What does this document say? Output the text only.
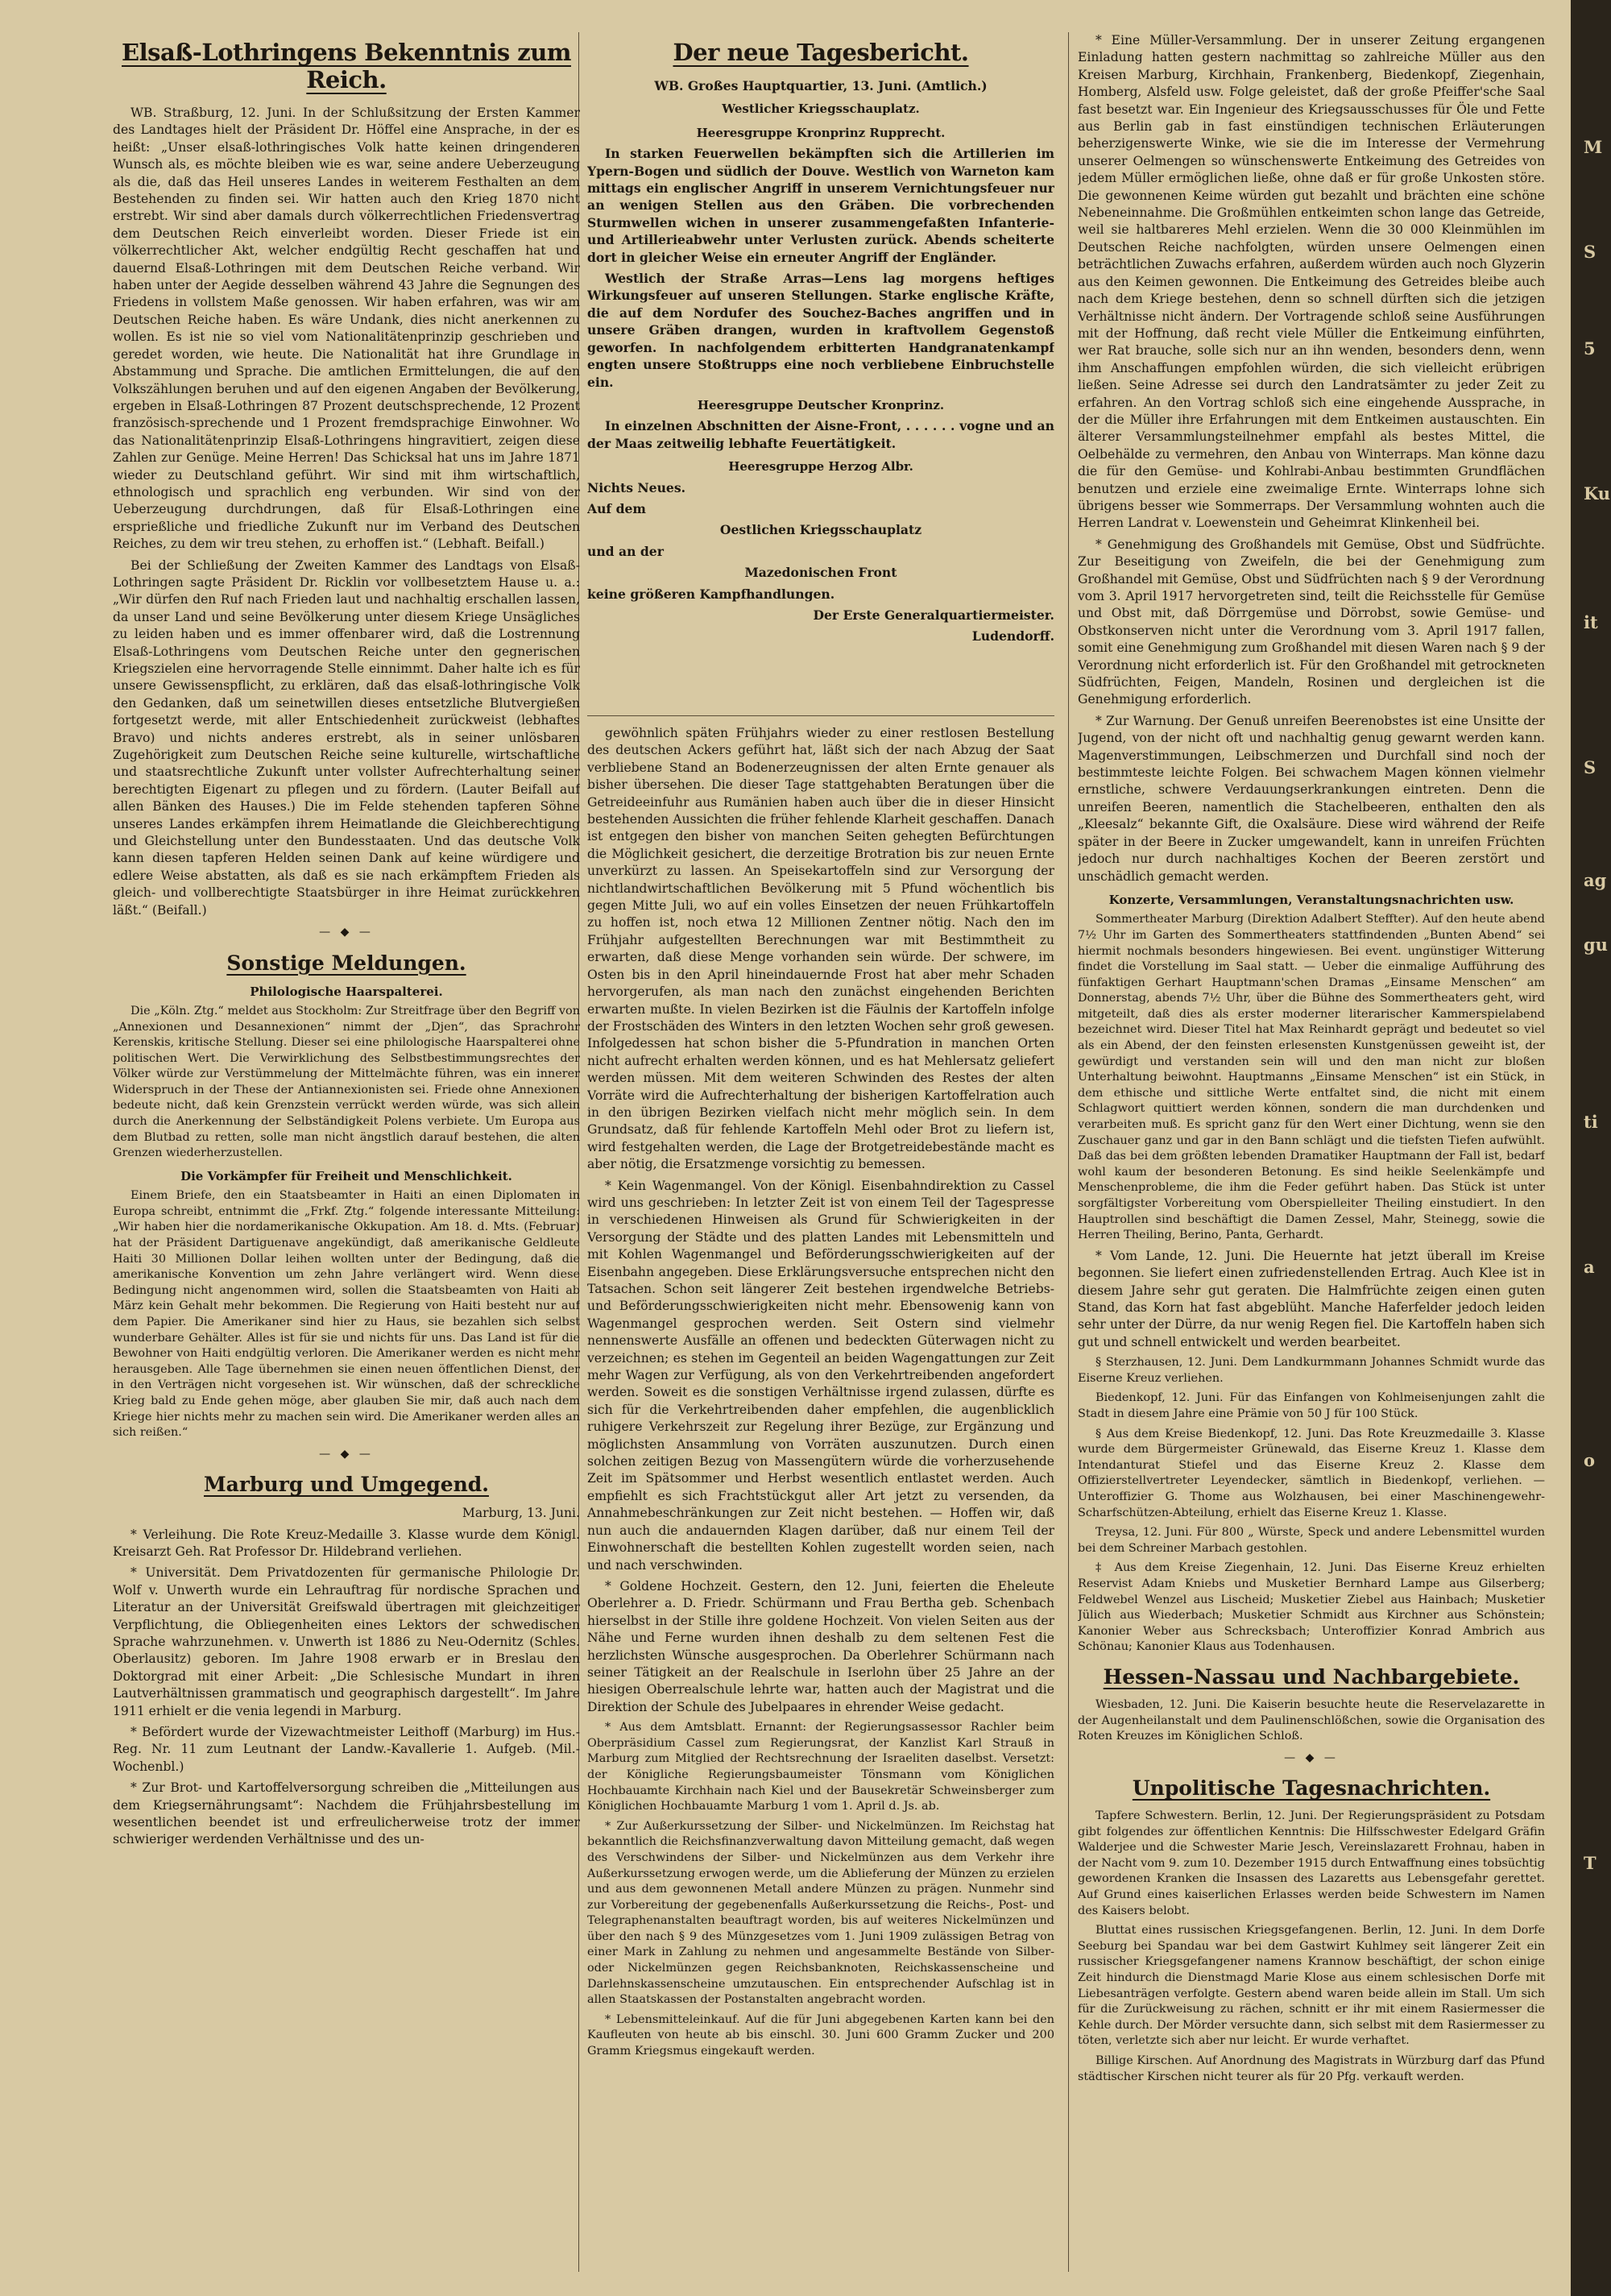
M
S
5
Ku
it
S
ag
gu
ti
a
o
T
Elsaß-Lothringens Bekenntnis zum Reich.

WB. Straßburg, 12. Juni. In der Schlußsitzung der Ersten Kammer des Landtages hielt der Präsident Dr. Höffel eine Ansprache, in der es heißt: „Unser elsaß-lothringisches Volk hatte keinen dringenderen Wunsch als, es möchte bleiben wie es war, seine andere Ueberzeugung als die, daß das Heil unseres Landes in weiterem Festhalten an dem Bestehenden zu finden sei. Wir hatten auch den Krieg 1870 nicht erstrebt. Wir sind aber damals durch völkerrechtlichen Friedensvertrag dem Deutschen Reich einverleibt worden. Dieser Friede ist ein völkerrechtlicher Akt, welcher endgültig Recht geschaffen hat und dauernd Elsaß-Lothringen mit dem Deutschen Reiche verband. Wir haben unter der Aegide desselben während 43 Jahre die Segnungen des Friedens in vollstem Maße genossen. Wir haben erfahren, was wir am Deutschen Reiche haben. Es wäre Undank, dies nicht anerkennen zu wollen. Es ist nie so viel vom Nationalitätenprinzip geschrieben und geredet worden, wie heute. Die Nationalität hat ihre Grundlage in Abstammung und Sprache. Die amtlichen Ermittelungen, die auf den Volkszählungen beruhen und auf den eigenen Angaben der Bevölkerung, ergeben in Elsaß-Lothringen 87 Prozent deutschsprechende, 12 Prozent französisch-sprechende und 1 Prozent fremdsprachige Einwohner. Wo das Nationalitätenprinzip Elsaß-Lothringens hingravitiert, zeigen diese Zahlen zur Genüge. Meine Herren! Das Schicksal hat uns im Jahre 1871 wieder zu Deutschland geführt. Wir sind mit ihm wirtschaftlich, ethnologisch und sprachlich eng verbunden. Wir sind von der Ueberzeugung durchdrungen, daß für Elsaß-Lothringen eine ersprießliche und friedliche Zukunft nur im Verband des Deutschen Reiches, zu dem wir treu stehen, zu erhoffen ist.“ (Lebhaft. Beifall.)

Bei der Schließung der Zweiten Kammer des Landtags von Elsaß-Lothringen sagte Präsident Dr. Ricklin vor vollbesetztem Hause u. a.: „Wir dürfen den Ruf nach Frieden laut und nachhaltig erschallen lassen, da unser Land und seine Bevölkerung unter diesem Kriege Unsägliches zu leiden haben und es immer offenbarer wird, daß die Lostrennung Elsaß-Lothringens vom Deutschen Reiche unter den gegnerischen Kriegszielen eine hervorragende Stelle einnimmt. Daher halte ich es für unsere Gewissenspflicht, zu erklären, daß das elsaß-lothringische Volk den Gedanken, daß um seinetwillen dieses entsetzliche Blutvergießen fortgesetzt werde, mit aller Entschiedenheit zurückweist (lebhaftes Bravo) und nichts anderes erstrebt, als in seiner unlösbaren Zugehörigkeit zum Deutschen Reiche seine kulturelle, wirtschaftliche und staatsrechtliche Zukunft unter vollster Aufrechterhaltung seiner berechtigten Eigenart zu pflegen und zu fördern. (Lauter Beifall auf allen Bänken des Hauses.) Die im Felde stehenden tapferen Söhne unseres Landes erkämpfen ihrem Heimatlande die Gleichberechtigung und Gleichstellung unter den Bundesstaaten. Und das deutsche Volk kann diesen tapferen Helden seinen Dank auf keine würdigere und edlere Weise abstatten, als daß es sie nach erkämpftem Frieden als gleich- und vollberechtigte Staatsbürger in ihre Heimat zurückkehren läßt.“ (Beifall.)

— ◆ —
Sonstige Meldungen.
Philologische Haarspalterei.

Die „Köln. Ztg.“ meldet aus Stockholm: Zur Streitfrage über den Begriff von „Annexionen und Desannexionen“ nimmt der „Djen“, das Sprachrohr Kerenskis, kritische Stellung. Dieser sei eine philologische Haarspalterei ohne politischen Wert. Die Verwirklichung des Selbstbestimmungsrechtes der Völker würde zur Verstümmelung der Mittelmächte führen, was ein innerer Widerspruch in der These der Antiannexionisten sei. Friede ohne Annexionen bedeute nicht, daß kein Grenzstein verrückt werden würde, was sich allein durch die Anerkennung der Selbständigkeit Polens verbiete. Um Europa aus dem Blutbad zu retten, solle man nicht ängstlich darauf bestehen, die alten Grenzen wiederherzustellen.

Die Vorkämpfer für Freiheit und Menschlichkeit.

Einem Briefe, den ein Staatsbeamter in Haiti an einen Diplomaten in Europa schreibt, entnimmt die „Frkf. Ztg.“ folgende interessante Mitteilung: „Wir haben hier die nordamerikanische Okkupation. Am 18. d. Mts. (Februar) hat der Präsident Dartiguenave angekündigt, daß amerikanische Geldleute Haiti 30 Millionen Dollar leihen wollten unter der Bedingung, daß die amerikanische Konvention um zehn Jahre verlängert wird. Wenn diese Bedingung nicht angenommen wird, sollen die Staatsbeamten von Haiti ab März kein Gehalt mehr bekommen. Die Regierung von Haiti besteht nur auf dem Papier. Die Amerikaner sind hier zu Haus, sie bezahlen sich selbst wunderbare Gehälter. Alles ist für sie und nichts für uns. Das Land ist für die Bewohner von Haiti endgültig verloren. Die Amerikaner werden es nicht mehr herausgeben. Alle Tage übernehmen sie einen neuen öffentlichen Dienst, der in den Verträgen nicht vorgesehen ist. Wir wünschen, daß der schreckliche Krieg bald zu Ende gehen möge, aber glauben Sie mir, daß auch nach dem Kriege hier nichts mehr zu machen sein wird. Die Amerikaner werden alles an sich reißen.“

— ◆ —
Marburg und Umgegend.

Marburg, 13. Juni.

* Verleihung. Die Rote Kreuz-Medaille 3. Klasse wurde dem Königl. Kreisarzt Geh. Rat Professor Dr. Hildebrand verliehen.

* Universität. Dem Privatdozenten für germanische Philologie Dr. Wolf v. Unwerth wurde ein Lehrauftrag für nordische Sprachen und Literatur an der Universität Greifswald übertragen mit gleichzeitiger Verpflichtung, die Obliegenheiten eines Lektors der schwedischen Sprache wahrzunehmen. v. Unwerth ist 1886 zu Neu-Odernitz (Schles. Oberlausitz) geboren. Im Jahre 1908 erwarb er in Breslau den Doktorgrad mit einer Arbeit: „Die Schlesische Mundart in ihren Lautverhältnissen grammatisch und geographisch dargestellt“. Im Jahre 1911 erhielt er die venia legendi in Marburg.

* Befördert wurde der Vizewachtmeister Leithoff (Marburg) im Hus.-Reg. Nr. 11 zum Leutnant der Landw.-Kavallerie 1. Aufgeb. (Mil.-Wochenbl.)

* Zur Brot- und Kartoffelversorgung schreiben die „Mitteilungen aus dem Kriegsernährungsamt“: Nachdem die Frühjahrsbestellung im wesentlichen beendet ist und erfreulicherweise trotz der immer schwieriger werdenden Verhältnisse und des un-

Der neue Tagesbericht.

WB. Großes Hauptquartier, 13. Juni. (Amtlich.)

Westlicher Kriegsschauplatz.
Heeresgruppe Kronprinz Rupprecht.

In starken Feuerwellen bekämpften sich die Artillerien im Ypern-Bogen und südlich der Douve. Westlich von Warneton kam mittags ein englischer Angriff in unserem Vernichtungsfeuer nur an wenigen Stellen aus den Gräben. Die vorbrechenden Sturmwellen wichen in unserer zusammengefaßten Infanterie- und Artillerieabwehr unter Verlusten zurück. Abends scheiterte dort in gleicher Weise ein erneuter Angriff der Engländer.

Westlich der Straße Arras—Lens lag morgens heftiges Wirkungsfeuer auf unseren Stellungen. Starke englische Kräfte, die auf dem Nordufer des Souchez-Baches angriffen und in unsere Gräben drangen, wurden in kraftvollem Gegenstoß geworfen. In nachfolgendem erbitterten Handgranatenkampf engten unsere Stoßtrupps eine noch verbliebene Einbruchstelle ein.

Heeresgruppe Deutscher Kronprinz.

In einzelnen Abschnitten der Aisne-Front, . . . . . . vogne und an der Maas zeitweilig lebhafte Feuertätigkeit.

Heeresgruppe Herzog Albr.

Nichts Neues.

Auf dem

Oestlichen Kriegsschauplatz

und an der

Mazedonischen Front

keine größeren Kampfhandlungen.

Der Erste Generalquartiermeister.

Ludendorff.

gewöhnlich späten Frühjahrs wieder zu einer restlosen Bestellung des deutschen Ackers geführt hat, läßt sich der nach Abzug der Saat verbliebene Stand an Bodenerzeugnissen der alten Ernte genauer als bisher übersehen. Die dieser Tage stattgehabten Beratungen über die Getreideeinfuhr aus Rumänien haben auch über die in dieser Hinsicht bestehenden Aussichten die früher fehlende Klarheit geschaffen. Danach ist entgegen den bisher von manchen Seiten gehegten Befürchtungen die Möglichkeit gesichert, die derzeitige Brotration bis zur neuen Ernte unverkürzt zu lassen. An Speisekartoffeln sind zur Versorgung der nichtlandwirtschaftlichen Bevölkerung mit 5 Pfund wöchentlich bis gegen Mitte Juli, wo auf ein volles Einsetzen der neuen Frühkartoffeln zu hoffen ist, noch etwa 12 Millionen Zentner nötig. Nach den im Frühjahr aufgestellten Berechnungen war mit Bestimmtheit zu erwarten, daß diese Menge vorhanden sein würde. Der schwere, im Osten bis in den April hineindauernde Frost hat aber mehr Schaden hervorgerufen, als man nach den zunächst eingehenden Berichten erwarten mußte. In vielen Bezirken ist die Fäulnis der Kartoffeln infolge der Frostschäden des Winters in den letzten Wochen sehr groß gewesen. Infolgedessen hat schon bisher die 5-Pfundration in manchen Orten nicht aufrecht erhalten werden können, und es hat Mehlersatz geliefert werden müssen. Mit dem weiteren Schwinden des Restes der alten Vorräte wird die Aufrechterhaltung der bisherigen Kartoffelration auch in den übrigen Bezirken vielfach nicht mehr möglich sein. In dem Grundsatz, daß für fehlende Kartoffeln Mehl oder Brot zu liefern ist, wird festgehalten werden, die Lage der Brotgetreidebestände macht es aber nötig, die Ersatzmenge vorsichtig zu bemessen.

* Kein Wagenmangel. Von der Königl. Eisenbahndirektion zu Cassel wird uns geschrieben: In letzter Zeit ist von einem Teil der Tagespresse in verschiedenen Hinweisen als Grund für Schwierigkeiten in der Versorgung der Städte und des platten Landes mit Lebensmitteln und mit Kohlen Wagenmangel und Beförderungsschwierigkeiten auf der Eisenbahn angegeben. Diese Erklärungsversuche entsprechen nicht den Tatsachen. Schon seit längerer Zeit bestehen irgendwelche Betriebs- und Beförderungsschwierigkeiten nicht mehr. Ebensowenig kann von Wagenmangel gesprochen werden. Seit Ostern sind vielmehr nennenswerte Ausfälle an offenen und bedeckten Güterwagen nicht zu verzeichnen; es stehen im Gegenteil an beiden Wagengattungen zur Zeit mehr Wagen zur Verfügung, als von den Verkehrtreibenden angefordert werden. Soweit es die sonstigen Verhältnisse irgend zulassen, dürfte es sich für die Verkehrtreibenden daher empfehlen, die augenblicklich ruhigere Verkehrszeit zur Regelung ihrer Bezüge, zur Ergänzung und möglichsten Ansammlung von Vorräten auszunutzen. Durch einen solchen zeitigen Bezug von Massengütern würde die vorherzusehende Zeit im Spätsommer und Herbst wesentlich entlastet werden. Auch empfiehlt es sich Frachtstückgut aller Art jetzt zu versenden, da Annahmebeschränkungen zur Zeit nicht bestehen. — Hoffen wir, daß nun auch die andauernden Klagen darüber, daß nur einem Teil der Einwohnerschaft die bestellten Kohlen zugestellt worden seien, nach und nach verschwinden.

* Goldene Hochzeit. Gestern, den 12. Juni, feierten die Eheleute Oberlehrer a. D. Friedr. Schürmann und Frau Bertha geb. Schenbach hierselbst in der Stille ihre goldene Hochzeit. Von vielen Seiten aus der Nähe und Ferne wurden ihnen deshalb zu dem seltenen Fest die herzlichsten Wünsche ausgesprochen. Da Oberlehrer Schürmann nach seiner Tätigkeit an der Realschule in Iserlohn über 25 Jahre an der hiesigen Oberrealschule lehrte war, hatten auch der Magistrat und die Direktion der Schule des Jubelpaares in ehrender Weise gedacht.

* Aus dem Amtsblatt. Ernannt: der Regierungsassessor Rachler beim Oberpräsidium Cassel zum Regierungsrat, der Kanzlist Karl Strauß in Marburg zum Mitglied der Rechtsrechnung der Israeliten daselbst. Versetzt: der Königliche Regierungsbaumeister Tönsmann vom Königlichen Hochbauamte Kirchhain nach Kiel und der Bausekretär Schweinsberger zum Königlichen Hochbauamte Marburg 1 vom 1. April d. Js. ab.

* Zur Außerkurssetzung der Silber- und Nickelmünzen. Im Reichstag hat bekanntlich die Reichsfinanzverwaltung davon Mitteilung gemacht, daß wegen des Verschwindens der Silber- und Nickelmünzen aus dem Verkehr ihre Außerkurssetzung erwogen werde, um die Ablieferung der Münzen zu erzielen und aus dem gewonnenen Metall andere Münzen zu prägen. Nunmehr sind zur Vorbereitung der gegebenenfalls Außerkurssetzung die Reichs-, Post- und Telegraphenanstalten beauftragt worden, bis auf weiteres Nickelmünzen und über den nach § 9 des Münzgesetzes vom 1. Juni 1909 zulässigen Betrag von einer Mark in Zahlung zu nehmen und angesammelte Bestände von Silber- oder Nickelmünzen gegen Reichsbanknoten, Reichskassenscheine und Darlehnskassenscheine umzutauschen. Ein entsprechender Aufschlag ist in allen Staatskassen der Postanstalten angebracht worden.

* Lebensmitteleinkauf. Auf die für Juni abgegebenen Karten kann bei den Kaufleuten von heute ab bis einschl. 30. Juni 600 Gramm Zucker und 200 Gramm Kriegsmus eingekauft werden.

* Eine Müller-Versammlung. Der in unserer Zeitung ergangenen Einladung hatten gestern nachmittag so zahlreiche Müller aus den Kreisen Marburg, Kirchhain, Frankenberg, Biedenkopf, Ziegenhain, Homberg, Alsfeld usw. Folge geleistet, daß der große Pfeiffer'sche Saal fast besetzt war. Ein Ingenieur des Kriegsausschusses für Öle und Fette aus Berlin gab in fast einstündigen technischen Erläuterungen beherzigenswerte Winke, wie sie die im Interesse der Vermehrung unserer Oelmengen so wünschenswerte Entkeimung des Getreides von jedem Müller ermöglichen ließe, ohne daß er für große Unkosten störe. Die gewonnenen Keime würden gut bezahlt und brächten eine schöne Nebeneinnahme. Die Großmühlen entkeimten schon lange das Getreide, weil sie haltbareres Mehl erzielen. Wenn die 30 000 Kleinmühlen im Deutschen Reiche nachfolgten, würden unsere Oelmengen einen beträchtlichen Zuwachs erfahren, außerdem würden auch noch Glyzerin aus den Keimen gewonnen. Die Entkeimung des Getreides bleibe auch nach dem Kriege bestehen, denn so schnell dürften sich die jetzigen Verhältnisse nicht ändern. Der Vortragende schloß seine Ausführungen mit der Hoffnung, daß recht viele Müller die Entkeimung einführten, wer Rat brauche, solle sich nur an ihn wenden, besonders denn, wenn ihm Anschaffungen empfohlen würden, die sich vielleicht erübrigen ließen. Seine Adresse sei durch den Landratsämter zu jeder Zeit zu erfahren. An den Vortrag schloß sich eine eingehende Aussprache, in der die Müller ihre Erfahrungen mit dem Entkeimen austauschten. Ein älterer Versammlungsteilnehmer empfahl als bestes Mittel, die Oelbehälde zu vermehren, den Anbau von Winterraps. Man könne dazu die für den Gemüse- und Kohlrabi-Anbau bestimmten Grundflächen benutzen und erziele eine zweimalige Ernte. Winterraps lohne sich übrigens besser wie Sommerraps. Der Versammlung wohnten auch die Herren Landrat v. Loewenstein und Geheimrat Klinkenheil bei.

* Genehmigung des Großhandels mit Gemüse, Obst und Südfrüchte. Zur Beseitigung von Zweifeln, die bei der Genehmigung zum Großhandel mit Gemüse, Obst und Südfrüchten nach § 9 der Verordnung vom 3. April 1917 hervorgetreten sind, teilt die Reichsstelle für Gemüse und Obst mit, daß Dörrgemüse und Dörrobst, sowie Gemüse- und Obstkonserven nicht unter die Verordnung vom 3. April 1917 fallen, somit eine Genehmigung zum Großhandel mit diesen Waren nach § 9 der Verordnung nicht erforderlich ist. Für den Großhandel mit getrockneten Südfrüchten, Feigen, Mandeln, Rosinen und dergleichen ist die Genehmigung erforderlich.

* Zur Warnung. Der Genuß unreifen Beerenobstes ist eine Unsitte der Jugend, von der nicht oft und nachhaltig genug gewarnt werden kann. Magenverstimmungen, Leibschmerzen und Durchfall sind noch der bestimmteste leichte Folgen. Bei schwachem Magen können vielmehr ernstliche, schwere Verdauungserkrankungen eintreten. Denn die unreifen Beeren, namentlich die Stachelbeeren, enthalten den als „Kleesalz“ bekannte Gift, die Oxalsäure. Diese wird während der Reife später in der Beere in Zucker umgewandelt, kann in unreifen Früchten jedoch nur durch nachhaltiges Kochen der Beeren zerstört und unschädlich gemacht werden.

Konzerte, Versammlungen, Veranstaltungsnachrichten usw.

Sommertheater Marburg (Direktion Adalbert Steffter). Auf den heute abend 7½ Uhr im Garten des Sommertheaters stattfindenden „Bunten Abend“ sei hiermit nochmals besonders hingewiesen. Bei event. ungünstiger Witterung findet die Vorstellung im Saal statt. — Ueber die einmalige Aufführung des fünfaktigen Gerhart Hauptmann'schen Dramas „Einsame Menschen“ am Donnerstag, abends 7½ Uhr, über die Bühne des Sommertheaters geht, wird mitgeteilt, daß dies als erster moderner literarischer Kammerspielabend bezeichnet wird. Dieser Titel hat Max Reinhardt geprägt und bedeutet so viel als ein Abend, der den feinsten erlesensten Kunstgenüssen geweiht ist, der gewürdigt und verstanden sein will und den man nicht zur bloßen Unterhaltung beiwohnt. Hauptmanns „Einsame Menschen“ ist ein Stück, in dem ethische und sittliche Werte entfaltet sind, die nicht mit einem Schlagwort quittiert werden können, sondern die man durchdenken und verarbeiten muß. Es spricht ganz für den Wert einer Dichtung, wenn sie den Zuschauer ganz und gar in den Bann schlägt und die tiefsten Tiefen aufwühlt. Daß das bei dem größten lebenden Dramatiker Hauptmann der Fall ist, bedarf wohl kaum der besonderen Betonung. Es sind heikle Seelenkämpfe und Menschenprobleme, die ihm die Feder geführt haben. Das Stück ist unter sorgfältigster Vorbereitung vom Oberspielleiter Theiling einstudiert. In den Hauptrollen sind beschäftigt die Damen Zessel, Mahr, Steinegg, sowie die Herren Theiling, Berino, Panta, Gerhardt.

* Vom Lande, 12. Juni. Die Heuernte hat jetzt überall im Kreise begonnen. Sie liefert einen zufriedenstellenden Ertrag. Auch Klee ist in diesem Jahre sehr gut geraten. Die Halmfrüchte zeigen einen guten Stand, das Korn hat fast abgeblüht. Manche Haferfelder jedoch leiden sehr unter der Dürre, da nur wenig Regen fiel. Die Kartoffeln haben sich gut und schnell entwickelt und werden bearbeitet.

§ Sterzhausen, 12. Juni. Dem Landkurmmann Johannes Schmidt wurde das Eiserne Kreuz verliehen.

Biedenkopf, 12. Juni. Für das Einfangen von Kohlmeisenjungen zahlt die Stadt in diesem Jahre eine Prämie von 50 J für 100 Stück.

§ Aus dem Kreise Biedenkopf, 12. Juni. Das Rote Kreuzmedaille 3. Klasse wurde dem Bürgermeister Grünewald, das Eiserne Kreuz 1. Klasse dem Intendanturat Stiefel und das Eiserne Kreuz 2. Klasse dem Offizierstellvertreter Leyendecker, sämtlich in Biedenkopf, verliehen. — Unteroffizier G. Thome aus Wolzhausen, bei einer Maschinengewehr-Scharfschützen-Abteilung, erhielt das Eiserne Kreuz 1. Klasse.

Treysa, 12. Juni. Für 800 „ Würste, Speck und andere Lebensmittel wurden bei dem Schreiner Marbach gestohlen.

‡ Aus dem Kreise Ziegenhain, 12. Juni. Das Eiserne Kreuz erhielten Reservist Adam Kniebs und Musketier Bernhard Lampe aus Gilserberg; Feldwebel Wenzel aus Lischeid; Musketier Ziebel aus Hainbach; Musketier Jülich aus Wiederbach; Musketier Schmidt aus Kirchner aus Schönstein; Kanonier Weber aus Schrecksbach; Unteroffizier Konrad Ambrich aus Schönau; Kanonier Klaus aus Todenhausen.

Hessen-Nassau und Nachbargebiete.

Wiesbaden, 12. Juni. Die Kaiserin besuchte heute die Reservelazarette in der Augenheilanstalt und dem Paulinenschlößchen, sowie die Organisation des Roten Kreuzes im Königlichen Schloß.

— ◆ —
Unpolitische Tagesnachrichten.

Tapfere Schwestern. Berlin, 12. Juni. Der Regierungspräsident zu Potsdam gibt folgendes zur öffentlichen Kenntnis: Die Hilfsschwester Edelgard Gräfin Walderjee und die Schwester Marie Jesch, Vereinslazarett Frohnau, haben in der Nacht vom 9. zum 10. Dezember 1915 durch Entwaffnung eines tobsüchtig gewordenen Kranken die Insassen des Lazaretts aus Lebensgefahr gerettet. Auf Grund eines kaiserlichen Erlasses werden beide Schwestern im Namen des Kaisers belobt.

Bluttat eines russischen Kriegsgefangenen. Berlin, 12. Juni. In dem Dorfe Seeburg bei Spandau war bei dem Gastwirt Kuhlmey seit längerer Zeit ein russischer Kriegsgefangener namens Krannow beschäftigt, der schon einige Zeit hindurch die Dienstmagd Marie Klose aus einem schlesischen Dorfe mit Liebesanträgen verfolgte. Gestern abend waren beide allein im Stall. Um sich für die Zurückweisung zu rächen, schnitt er ihr mit einem Rasiermesser die Kehle durch. Der Mörder versuchte dann, sich selbst mit dem Rasiermesser zu töten, verletzte sich aber nur leicht. Er wurde verhaftet.

Billige Kirschen. Auf Anordnung des Magistrats in Würzburg darf das Pfund städtischer Kirschen nicht teurer als für 20 Pfg. verkauft werden.
